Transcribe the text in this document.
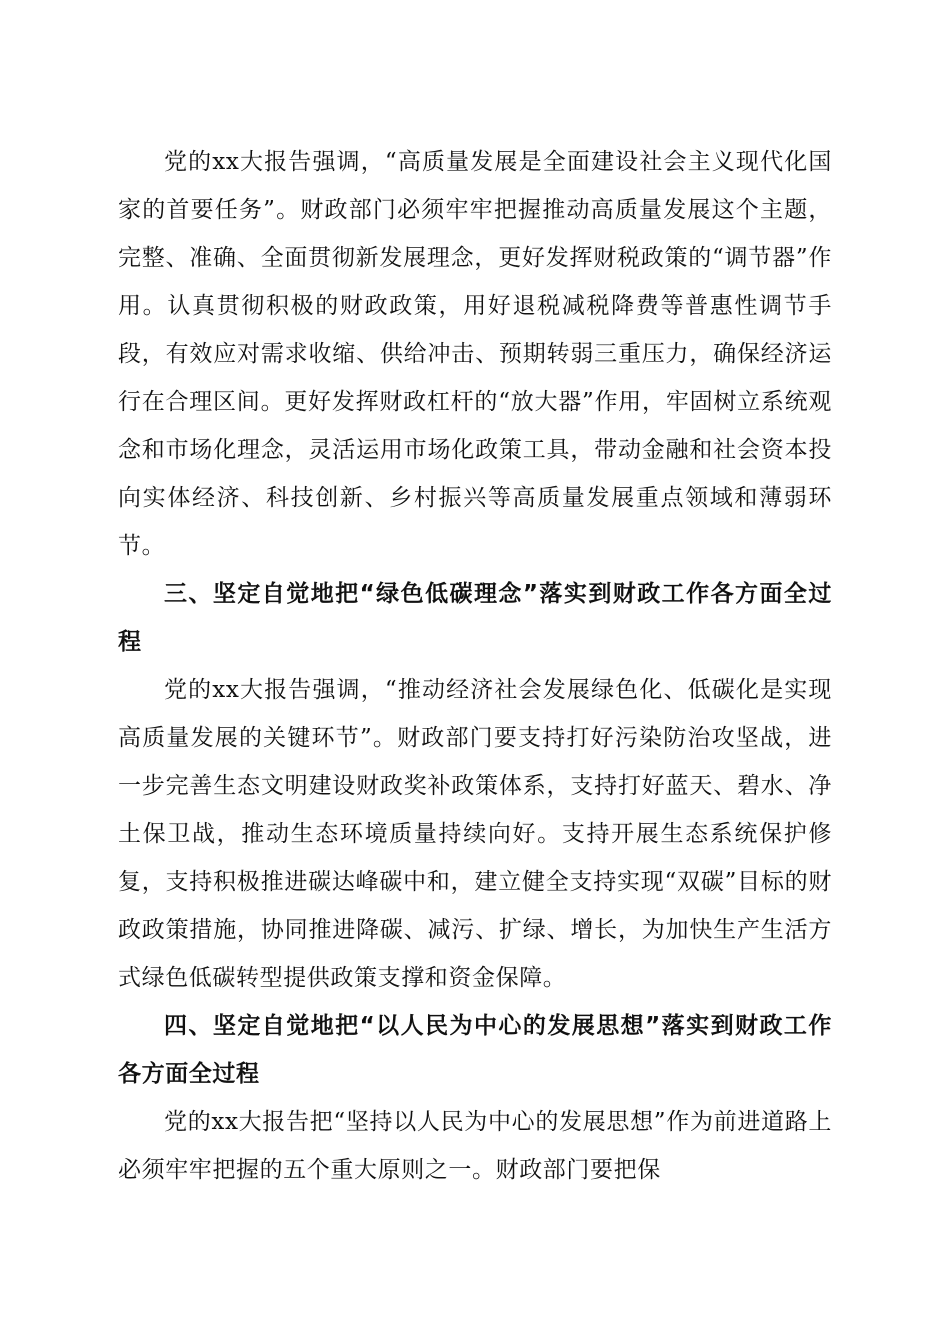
党的xx大报告强调，“高质量发展是全面建设社会主义现代化国家的首要任务”。财政部门必须牢牢把握推动高质量发展这个主题，完整、准确、全面贯彻新发展理念，更好发挥财税政策的“调节器”作用。认真贯彻积极的财政政策，用好退税减税降费等普惠性调节手段，有效应对需求收缩、供给冲击、预期转弱三重压力，确保经济运行在合理区间。更好发挥财政杠杆的“放大器”作用，牢固树立系统观念和市场化理念，灵活运用市场化政策工具，带动金融和社会资本投向实体经济、科技创新、乡村振兴等高质量发展重点领域和薄弱环节。

三、坚定自觉地把“绿色低碳理念”落实到财政工作各方面全过程

党的xx大报告强调，“推动经济社会发展绿色化、低碳化是实现高质量发展的关键环节”。财政部门要支持打好污染防治攻坚战，进一步完善生态文明建设财政奖补政策体系，支持打好蓝天、碧水、净土保卫战，推动生态环境质量持续向好。支持开展生态系统保护修复，支持积极推进碳达峰碳中和，建立健全支持实现“双碳”目标的财政政策措施，协同推进降碳、减污、扩绿、增长，为加快生产生活方式绿色低碳转型提供政策支撑和资金保障。

四、坚定自觉地把“以人民为中心的发展思想”落实到财政工作各方面全过程

党的xx大报告把“坚持以人民为中心的发展思想”作为前进道路上必须牢牢把握的五个重大原则之一。财政部门要把保
